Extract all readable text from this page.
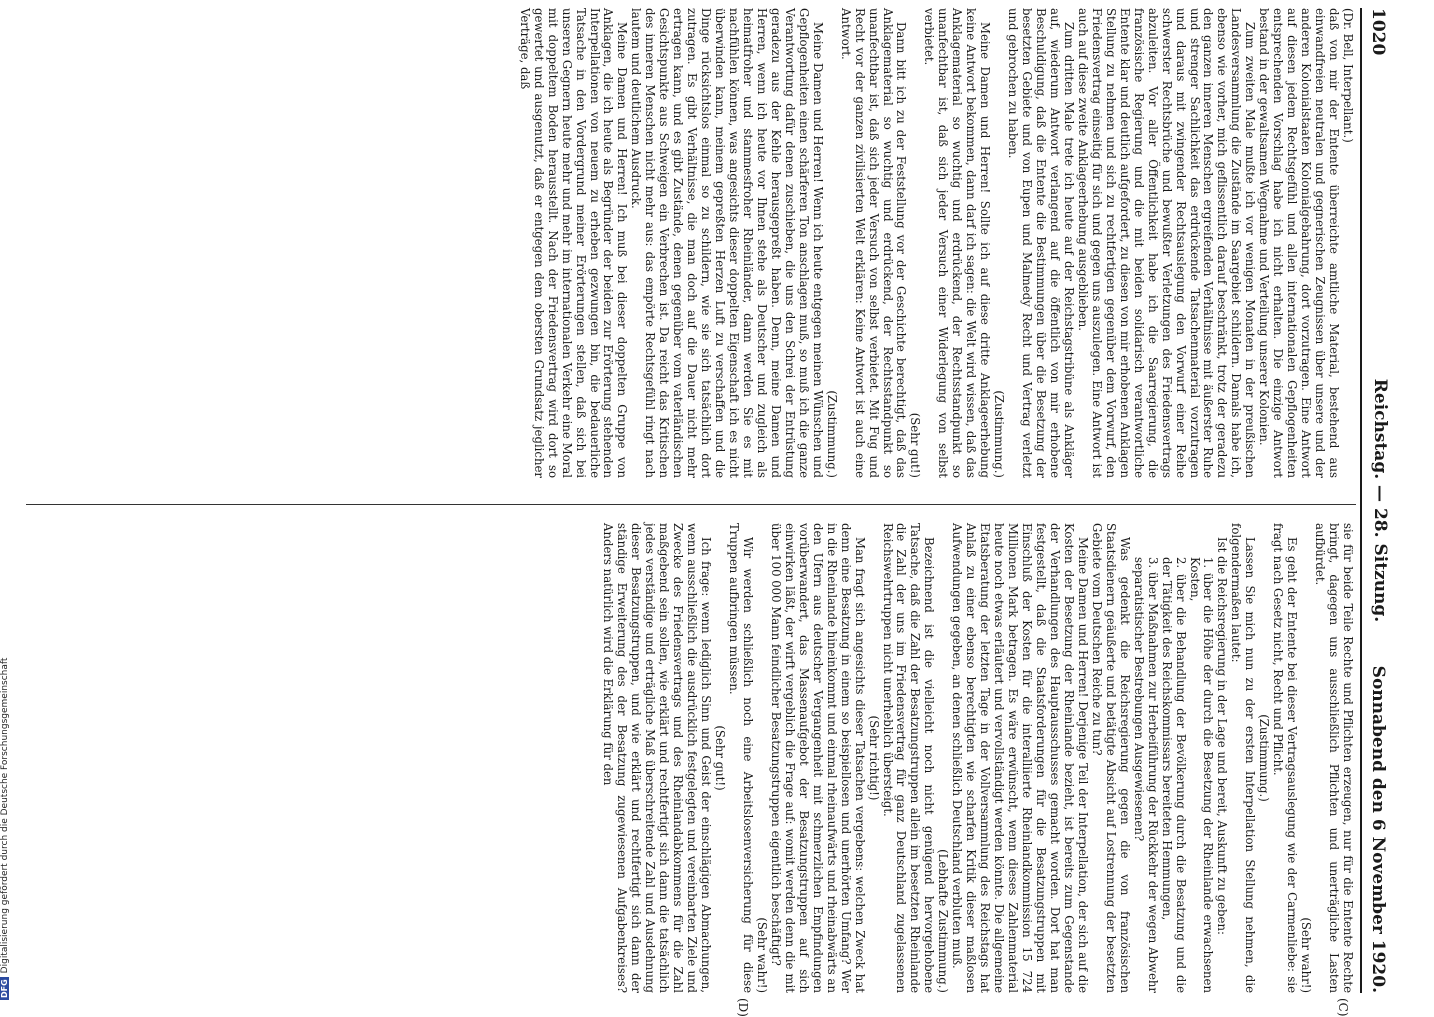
1020
Reichstag. — 28. Sitzung.
Sonnabend den 6 November 1920.
(C)
(D)

(Dr. Bell, Interpellant.)

daß von mir der Entente überreichte amtliche Material, bestehend aus einwandfreien neutralen und gegnerischen Zeugnissen über unsere und der anderen Kolonialstaaten Kolonialgebahrung, dort vorzutragen. Eine Antwort auf diesen jedem Rechtsgefühl und allen internationalen Gepflogenheiten entsprechenden Vorschlag habe ich nicht erhalten. Die einzige Antwort bestand in der gewaltsamen Wegnahme und Verteilung unserer Kolonien.

Zum zweiten Male mußte ich vor wenigen Monaten in der preußischen Landesversammlung die Zustände im Saargebiet schildern. Damals habe ich, ebenso wie vorher, mich geflissentlich darauf beschränkt, trotz der geradezu den ganzen inneren Menschen ergreifenden Verhältnisse mit äußerster Ruhe und strenger Sachlichkeit das erdrückende Tatsachenmaterial vorzutragen und daraus mit zwingender Rechtsauslegung den Vorwurf einer Reihe schwerster Rechtsbrüche und bewußter Verletzungen des Friedensvertrags abzuleiten. Vor aller Öffentlichkeit habe ich die Saarregierung, die französische Regierung und die mit beiden solidarisch verantwortliche Entente klar und deutlich aufgefordert, zu diesen von mir erhobenen Anklagen Stellung zu nehmen und sich zu rechtfertigen gegenüber dem Vorwurf, den Friedensvertrag einseitig für sich und gegen uns auszulegen. Eine Antwort ist auch auf diese zweite Anklageerhebung ausgeblieben.

Zum dritten Male trete ich heute auf der Reichstagstribüne als Ankläger auf, wiederum Antwort verlangend auf die öffentlich von mir erhobene Beschuldigung, daß die Entente die Bestimmungen über die Besetzung der besetzten Gebiete und von Eupen und Malmedy Recht und Vertrag verletzt und gebrochen zu haben.

(Zustimmung.)

Meine Damen und Herren! Sollte ich auf diese dritte Anklageerhebung keine Antwort bekommen, dann darf ich sagen: die Welt wird wissen, daß das Anklagematerial so wuchtig und erdrückend, der Rechtsstandpunkt so unanfechtbar ist, daß sich jeder Versuch einer Widerlegung von selbst verbietet.

(Sehr gut!)

Dann bitt ich zu der Feststellung vor der Geschichte berechtigt, daß das Anklagematerial so wuchtig und erdrückend, der Rechtsstandpunkt so unanfechtbar ist, daß sich jeder Versuch von selbst verbietet. Mit Fug und Recht vor der ganzen zivilisierten Welt erklären: Keine Antwort ist auch eine Antwort.

(Zustimmung.)

Meine Damen und Herren! Wenn ich heute entgegen meinen Wünschen und Gepflogenheiten einen schärferen Ton anschlagen muß, so muß ich die ganze Verantwortung dafür denen zuschieben, die uns den Schrei der Entrüstung geradezu aus der Kehle herausgepreßt haben. Denn, meine Damen und Herren, wenn ich heute vor Ihnen stehe als Deutscher und zugleich als heimatfroher und stammesfroher Rheinländer, dann werden Sie es mit nachfühlen können, was angesichts dieser doppelten Eigenschaft ich es nicht überwinden kann, meinem gepreßten Herzen Luft zu verschaffen und die Dinge rücksichtslos einmal so zu schildern, wie sie sich tatsächlich dort zutragen. Es gibt Verhältnisse, die man doch auf die Dauer nicht mehr ertragen kann, und es gibt Zustände, denen gegenüber vom vaterländischen Gesichtspunkte aus Schweigen ein Verbrechen ist. Da reicht das Kritischen des inneren Menschen nicht mehr aus: das empörte Rechtsgefühl ringt nach lautem und deutlichem Ausdruck.

Meine Damen und Herren! Ich muß bei dieser doppelten Gruppe von Anklagen, die ich heute als Begründer der beiden zur Erörterung stehenden Interpellationen von neuem zu erheben gezwungen bin, die bedauerliche Tatsache in den Vordergrund meiner Erörterungen stellen, daß sich bei unseren Gegnern heute mehr und mehr im internationalen Verkehr eine Moral mit doppeltem Boden herausstellt. Nach der Friedensvertrag wird dort so gewertet und ausgenutzt, daß er entgegen dem obersten Grundsatz jeglicher Verträge, daß

sie für beide Teile Rechte und Pflichten erzeugen, nur für die Entente Rechte bringt, dagegen uns ausschließlich Pflichten und unerträgliche Lasten aufbürdet.

(Sehr wahr!)

Es geht der Entente bei dieser Vertragsauslegung wie der Carmenliebe: sie fragt nach Gesetz nicht, Recht und Pflicht.

(Zustimmung.)

Lassen Sie mich nun zu der ersten Interpellation Stellung nehmen, die folgendermaßen lautet:

Ist die Reichsregierung in der Lage und bereit, Auskunft zu geben:

1. über die Höhe der durch die Besetzung der Rheinlande erwachsenen Kosten,

2. über die Behandlung der Bevölkerung durch die Besatzung und die der Tätigkeit des Reichskommissars bereiteten Hemmungen,

3. über Maßnahmen zur Herbeiführung der Rückkehr der wegen Abwehr separatistischer Bestrebungen Ausgewiesenen?

Was gedenkt die Reichsregierung gegen die von französischen Staatsdienern geäußerte und betätigte Absicht auf Lostrennung der besetzten Gebiete vom Deutschen Reiche zu tun?

Meine Damen und Herren! Derjenige Teil der Interpellation, der sich auf die Kosten der Besetzung der Rheinlande bezieht, ist bereits zum Gegenstande der Verhandlungen des Hauptausschusses gemacht worden. Dort hat man festgestellt, daß die Staatsforderungen für die Besatzungstruppen mit Einschluß der Kosten für die interalliierte Rheinlandkommission 15 724 Millionen Mark betragen. Es wäre erwünscht, wenn dieses Zahlenmaterial heute noch etwas erläutert und vervollständigt werden könnte. Die allgemeine Etatsberatung der letzten Tage in der Vollversammlung des Reichstags hat Anlaß zu einer ebenso berechtigten wie scharfen Kritik dieser maßlosen Aufwendungen gegeben, an denen schließlich Deutschland verbluten muß.

(Lebhafte Zustimmung.)

Bezeichnend ist die vielleicht noch nicht genügend hervorgehobene Tatsache, daß die Zahl der Besatzungstruppen allein im besetzten Rheinlande die Zahl der uns im Friedensvertrag für ganz Deutschland zugelassenen Reichswehrtruppen nicht unerheblich übersteigt.

(Sehr richtig!)

Man fragt sich angesichts dieser Tatsachen vergebens: welchen Zweck hat denn eine Besatzung in einem so beispiellosen und unerhörten Umfang? Wer in die Rheinlande hineinkommt und einmal rheinaufwärts und rheinabwärts an den Ufern aus deutscher Vergangenheit mit schmerzlichen Empfindungen vorüberwandert, das Massenaufgebot der Besatzungstruppen auf sich einwirken läßt, der wirft vergeblich die Frage auf: womit werden denn die mit über 100 000 Mann feindlicher Besatzungstruppen eigentlich beschäftigt?

(Sehr wahr!)

Wir werden schließlich noch eine Arbeitslosenversicherung für diese Truppen aufbringen müssen.

(Sehr gut!)

Ich frage: wenn lediglich Sinn und Geist der einschlägigen Abmachungen, wenn ausschließlich die ausdrücklich festgelegten und vereinbarten Ziele und Zwecke des Friedensvertrags und des Rheinlandabkommens für die Zahl maßgebend sein sollen, wie erklärt und rechtfertigt sich dann die tatsächlich jedes verständige und erträgliche Maß überschreitende Zahl und Ausdehnung dieser Besatzungstruppen, und wie erklärt und rechtfertigt sich dann der ständige Erweiterung des der Besatzung zugewiesenen Aufgabenkreises? Anders natürlich wird die Erklärung für den

DFGDigitalisierung gefördert durch die Deutsche Forschungsgemeinschaft
